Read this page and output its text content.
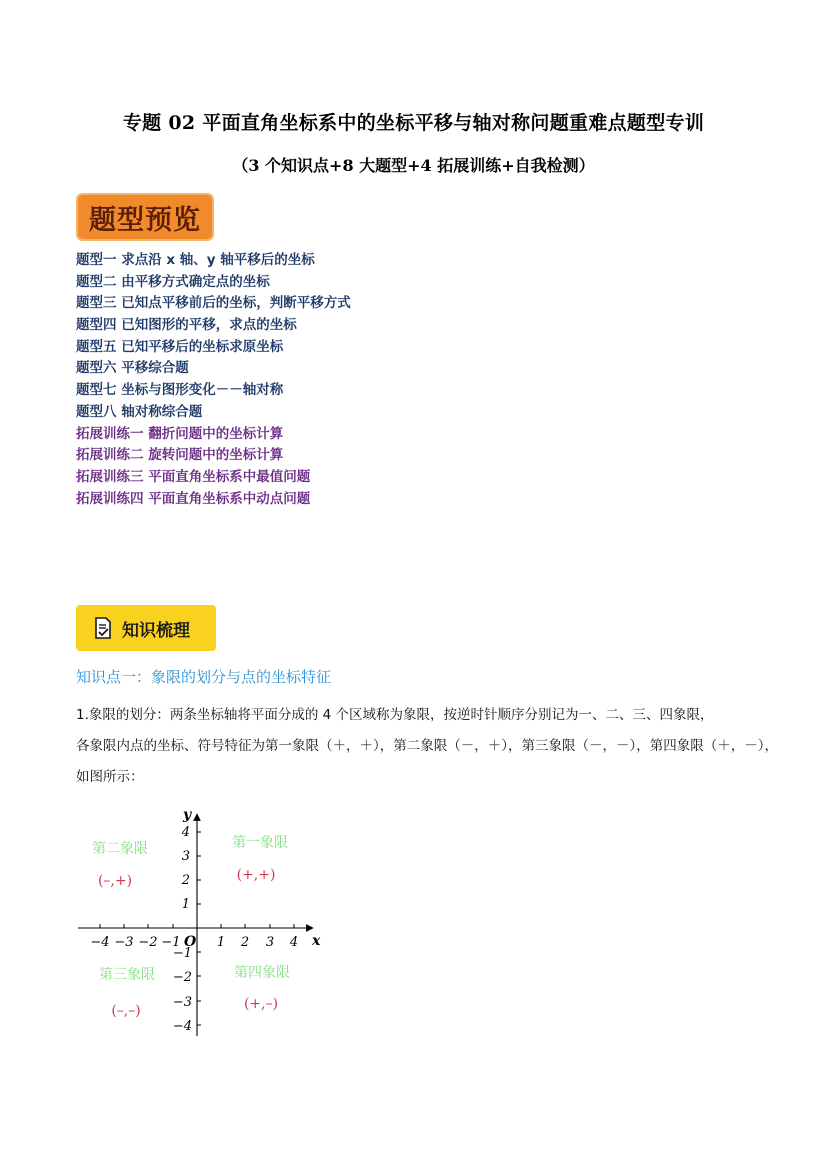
专题 02 平面直角坐标系中的坐标平移与轴对称问题重难点题型专训
（3 个知识点+8 大题型+4 拓展训练+自我检测）
题型预览
题型一 求点沿 x 轴、y 轴平移后的坐标
题型二 由平移方式确定点的坐标
题型三 已知点平移前后的坐标，判断平移方式
题型四 已知图形的平移，求点的坐标
题型五 已知平移后的坐标求原坐标
题型六 平移综合题
题型七 坐标与图形变化－－轴对称
题型八 轴对称综合题
拓展训练一 翻折问题中的坐标计算
拓展训练二 旋转问题中的坐标计算
拓展训练三 平面直角坐标系中最值问题
拓展训练四 平面直角坐标系中动点问题
知识梳理
知识点一：象限的划分与点的坐标特征

1.象限的划分：两条坐标轴将平面分成的 4 个区域称为象限，按逆时针顺序分别记为一、二、三、四象限，

各象限内点的坐标、符号特征为第一象限（＋，＋），第二象限（－，＋），第三象限（－，－），第四象限（＋，－），

如图所示：

x
y
O
−4 −3 −2 −1	1 2 3 4
4
3
2
1
−1
−2
−3
−4
第一象限
(+,+)
第二象限
(–,+)
第三象限
(–,–)
第四象限
(+,–)
